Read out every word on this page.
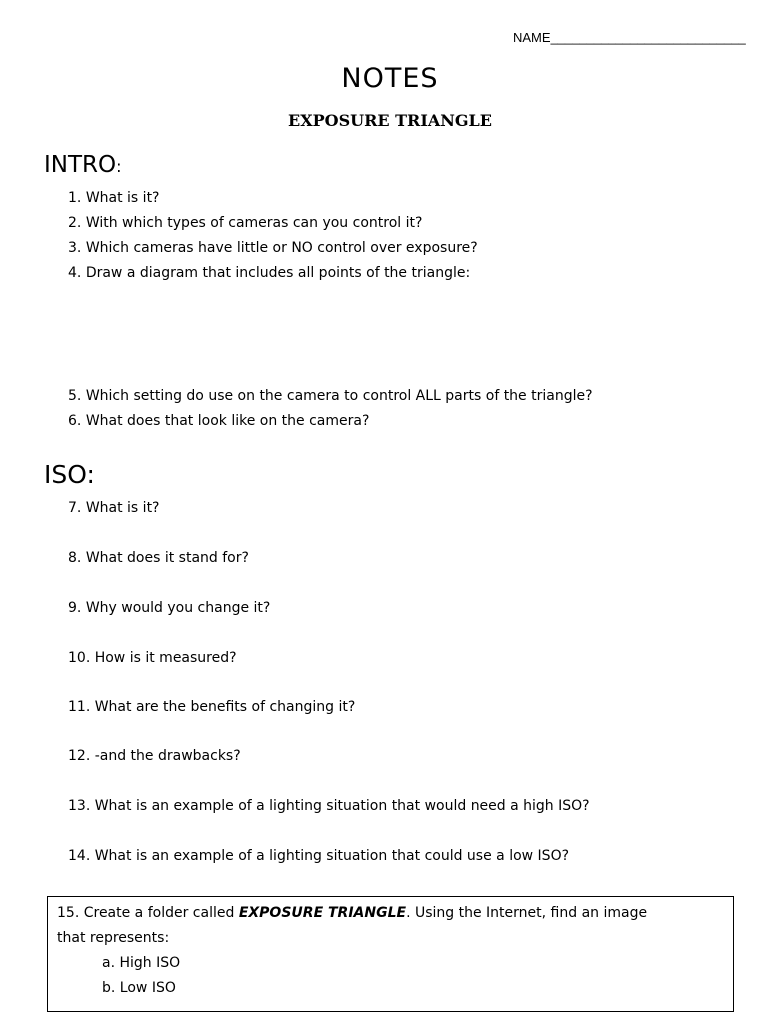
NAME___________________________
NOTES
EXPOSURE TRIANGLE
INTRO:
1. What is it?
2. With which types of cameras can you control it?
3. Which cameras have little or NO control over exposure?
4. Draw a diagram that includes all points of the triangle:
5. Which setting do use on the camera to control ALL parts of the triangle?
6. What does that look like on the camera?
ISO:
7. What is it?
8. What does it stand for?
9. Why would you change it?
10. How is it measured?
11. What are the benefits of changing it?
12. -and the drawbacks?
13. What is an example of a lighting situation that would need a high ISO?
14. What is an example of a lighting situation that could use a low ISO?
15. Create a folder called EXPOSURE TRIANGLE. Using the Internet, find an image
that represents:
a. High ISO
b. Low ISO
